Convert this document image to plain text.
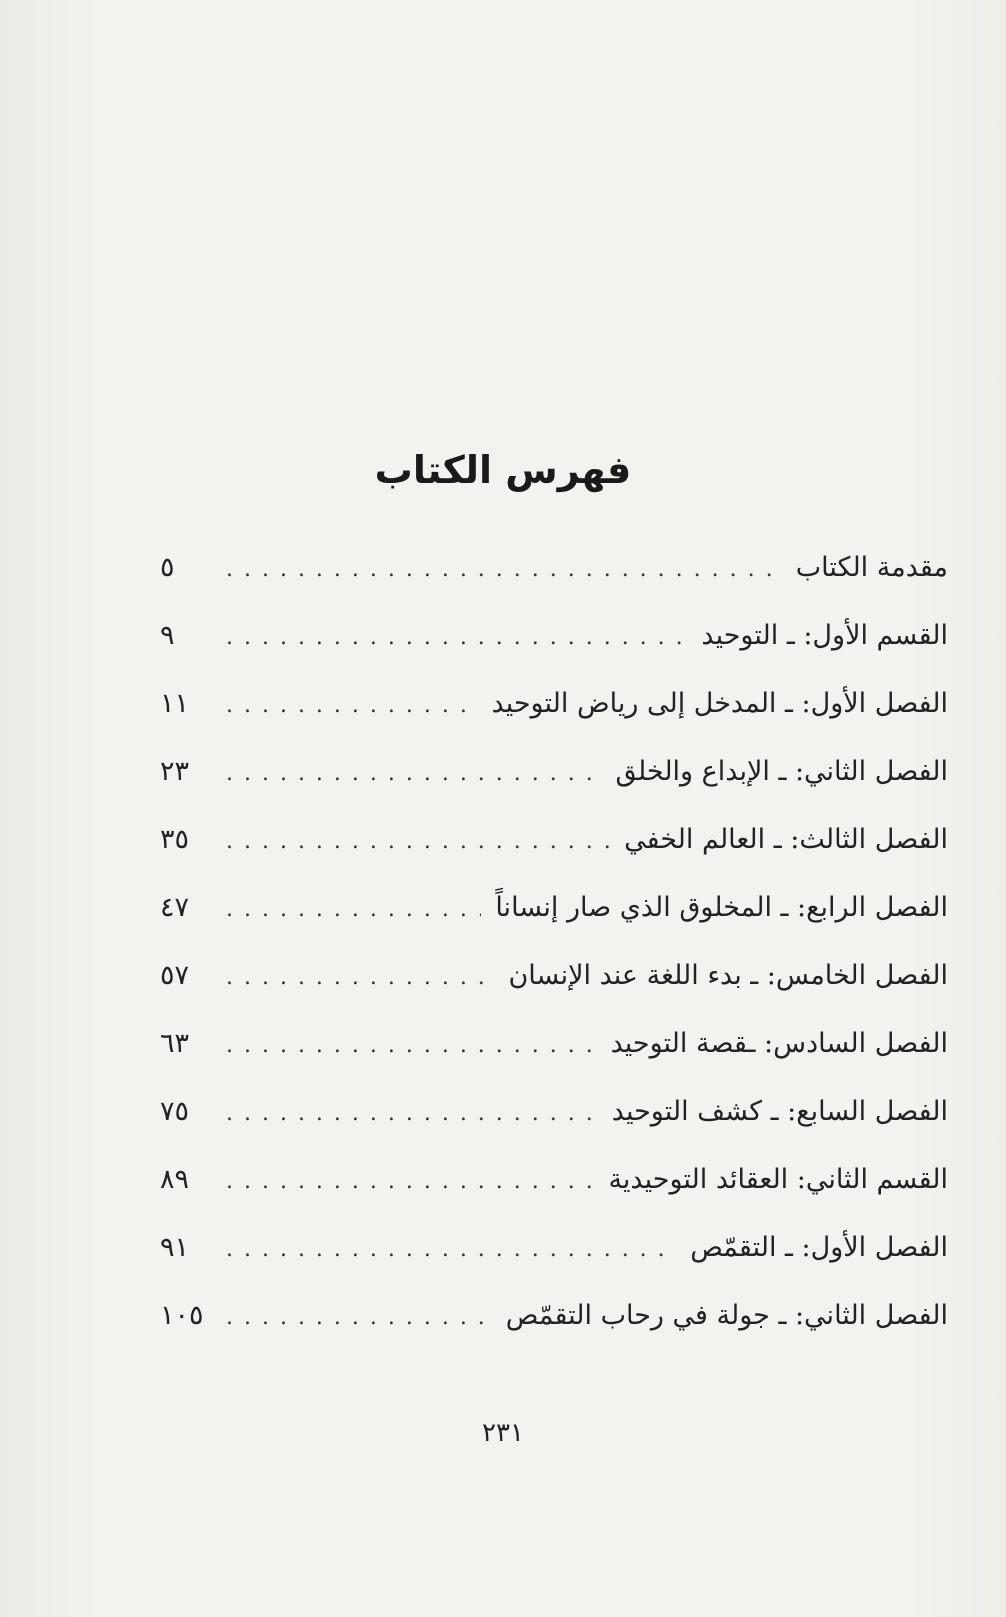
فهرس الكتاب
مقدمة الكتاب
. . .
٥
القسم الأول: ـ التوحيد
. . .
٩
الفصل الأول: ـ المدخل إلى رياض التوحيد
. . .
١١
الفصل الثاني: ـ الإبداع والخلق
. . .
٢٣
الفصل الثالث: ـ العالم الخفي
. . .
٣٥
الفصل الرابع: ـ المخلوق الذي صار إنساناً
. . .
٤٧
الفصل الخامس: ـ بدء اللغة عند الإنسان
. . .
٥٧
الفصل السادس: ـقصة التوحيد
. . .
٦٣
الفصل السابع: ـ كشف التوحيد
. . .
٧٥
القسم الثاني: العقائد التوحيدية
. . .
٨٩
الفصل الأول: ـ التقمّص
. . .
٩١
الفصل الثاني: ـ جولة في رحاب التقمّص
. . .
١٠٥
٢٣١
